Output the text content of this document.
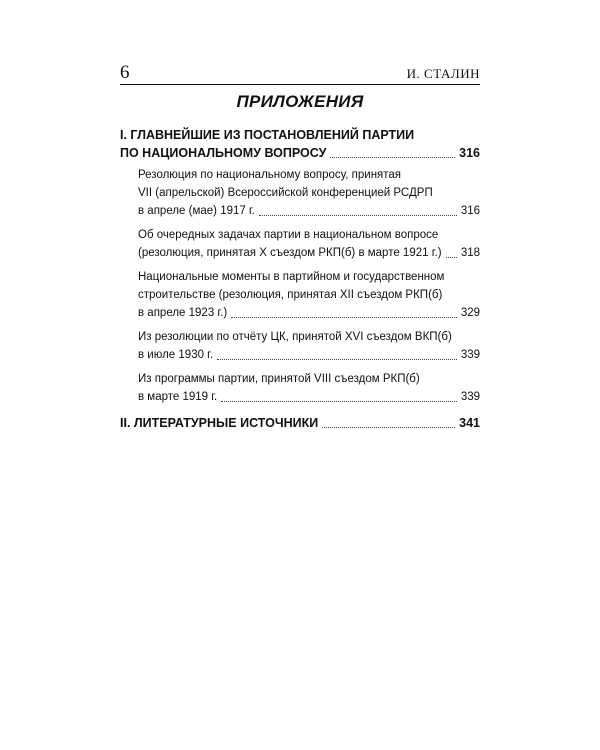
6	И. СТАЛИН
ПРИЛОЖЕНИЯ
I. ГЛАВНЕЙШИЕ ИЗ ПОСТАНОВЛЕНИЙ ПАРТИИ
ПО НАЦИОНАЛЬНОМУ ВОПРОСУ	316
Резолюция по национальному вопросу, принятая
VII (апрельской) Всероссийской конференцией РСДРП
в апреле (мае) 1917 г.	316
Об очередных задачах партии в национальном вопросе
(резолюция, принятая X съездом РКП(б) в марте 1921 г.) 318
Национальные моменты в партийном и государственном
строительстве (резолюция, принятая XII съездом РКП(б)
в апреле 1923 г.)	329
Из резолюции по отчёту ЦК, принятой XVI съездом ВКП(б)
в июле 1930 г.	339
Из программы партии, принятой VIII съездом РКП(б)
в марте 1919 г.	339
II. ЛИТЕРАТУРНЫЕ ИСТОЧНИКИ	341
